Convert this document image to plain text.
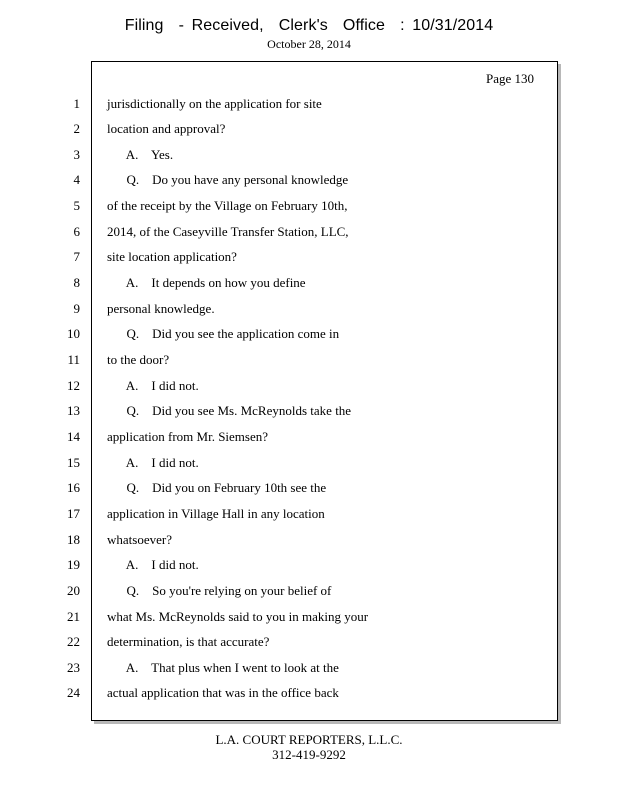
Filing  - Received,  Clerk's  Office  : 10/31/2014
October 28, 2014
Page 130
1 jurisdictionally on the application for site
2 location and approval?
3 A.    Yes.
4 Q.    Do you have any personal knowledge
5 of the receipt by the Village on February 10th,
6 2014, of the Caseyville Transfer Station, LLC,
7 site location application?
8 A.    It depends on how you define
9 personal knowledge.
10 Q.    Did you see the application come in
11 to the door?
12 A.    I did not.
13 Q.    Did you see Ms. McReynolds take the
14 application from Mr. Siemsen?
15 A.    I did not.
16 Q.    Did you on February 10th see the
17 application in Village Hall in any location
18 whatsoever?
19 A.    I did not.
20 Q.    So you're relying on your belief of
21 what Ms. McReynolds said to you in making your
22 determination, is that accurate?
23 A.    That plus when I went to look at the
24 actual application that was in the office back
L.A. COURT REPORTERS, L.L.C.
312-419-9292
